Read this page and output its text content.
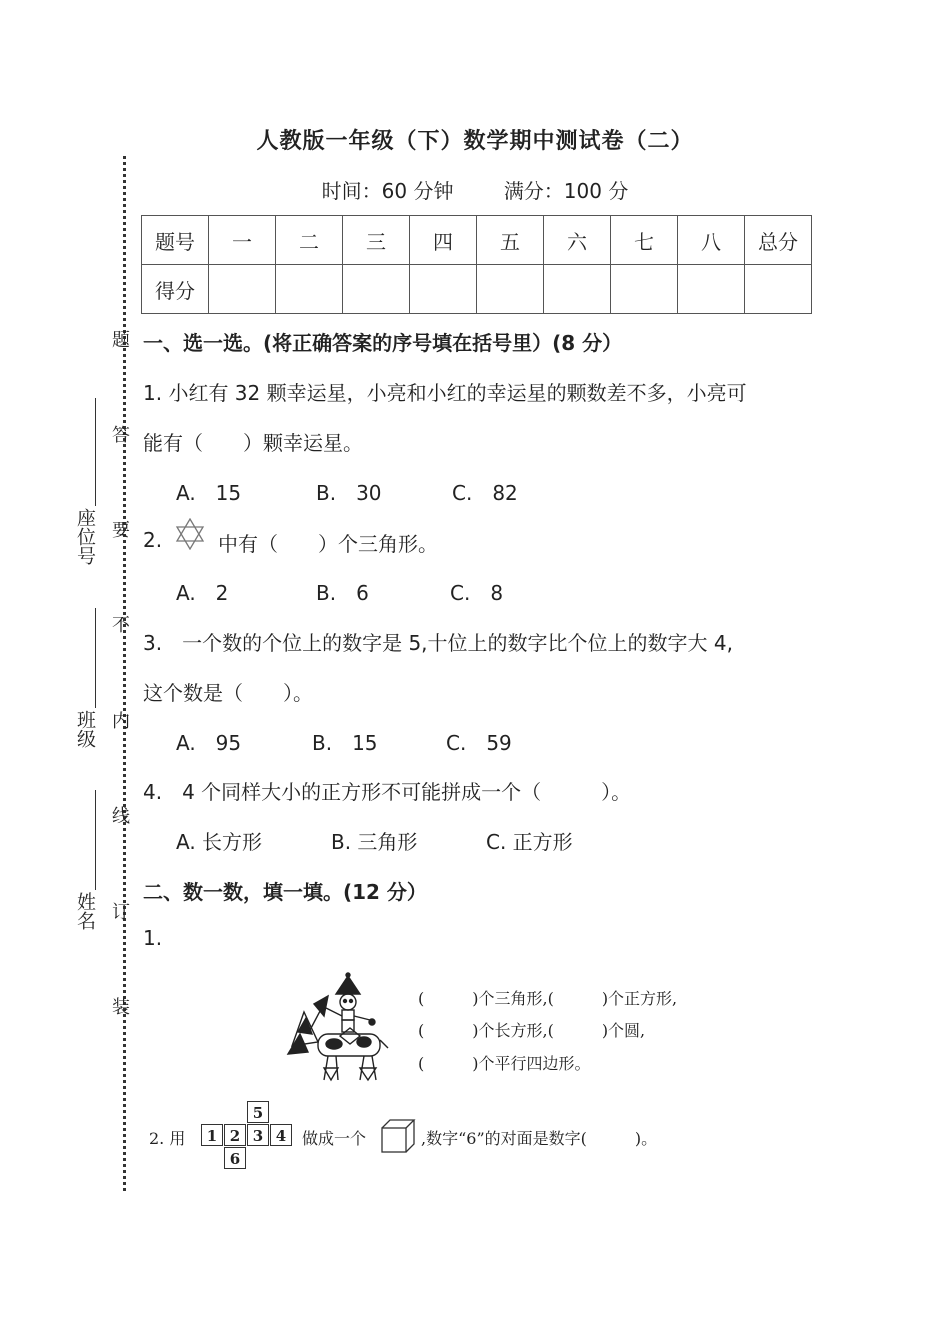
题
答
要
不
内
线
订
装
座位号
班级
姓名
人教版一年级（下）数学期中测试卷（二）
时间：60 分钟	满分：100 分
题号	一	二	三	四	五	六	七	八	总分
得分									
一、选一选。(将正确答案的序号填在括号里）(8 分）
1. 小红有 32 颗幸运星，小亮和小红的幸运星的颗数差不多，小亮可
能有（　　）颗幸运星。
A.　15	B.　30	C.　82
2.	中有（　　）个三角形。
A.　2	B.　6	C.　8
3.　一个数的个位上的数字是 5,十位上的数字比个位上的数字大 4,
这个数是（　　）。
A.　95	B.　15	C.　59
4.　4 个同样大小的正方形不可能拼成一个（　　　）。
A. 长方形	B. 三角形	C. 正方形
二、数一数，填一填。(12 分）
1.
(　　　)个三角形,(　　　)个正方形,
(　　　)个长方形,(　　　)个圆,
(　　　)个平行四边形。
2. 用
5
1 2 3 4
6
做成一个	,数字“6”的对面是数字(　　　)。
